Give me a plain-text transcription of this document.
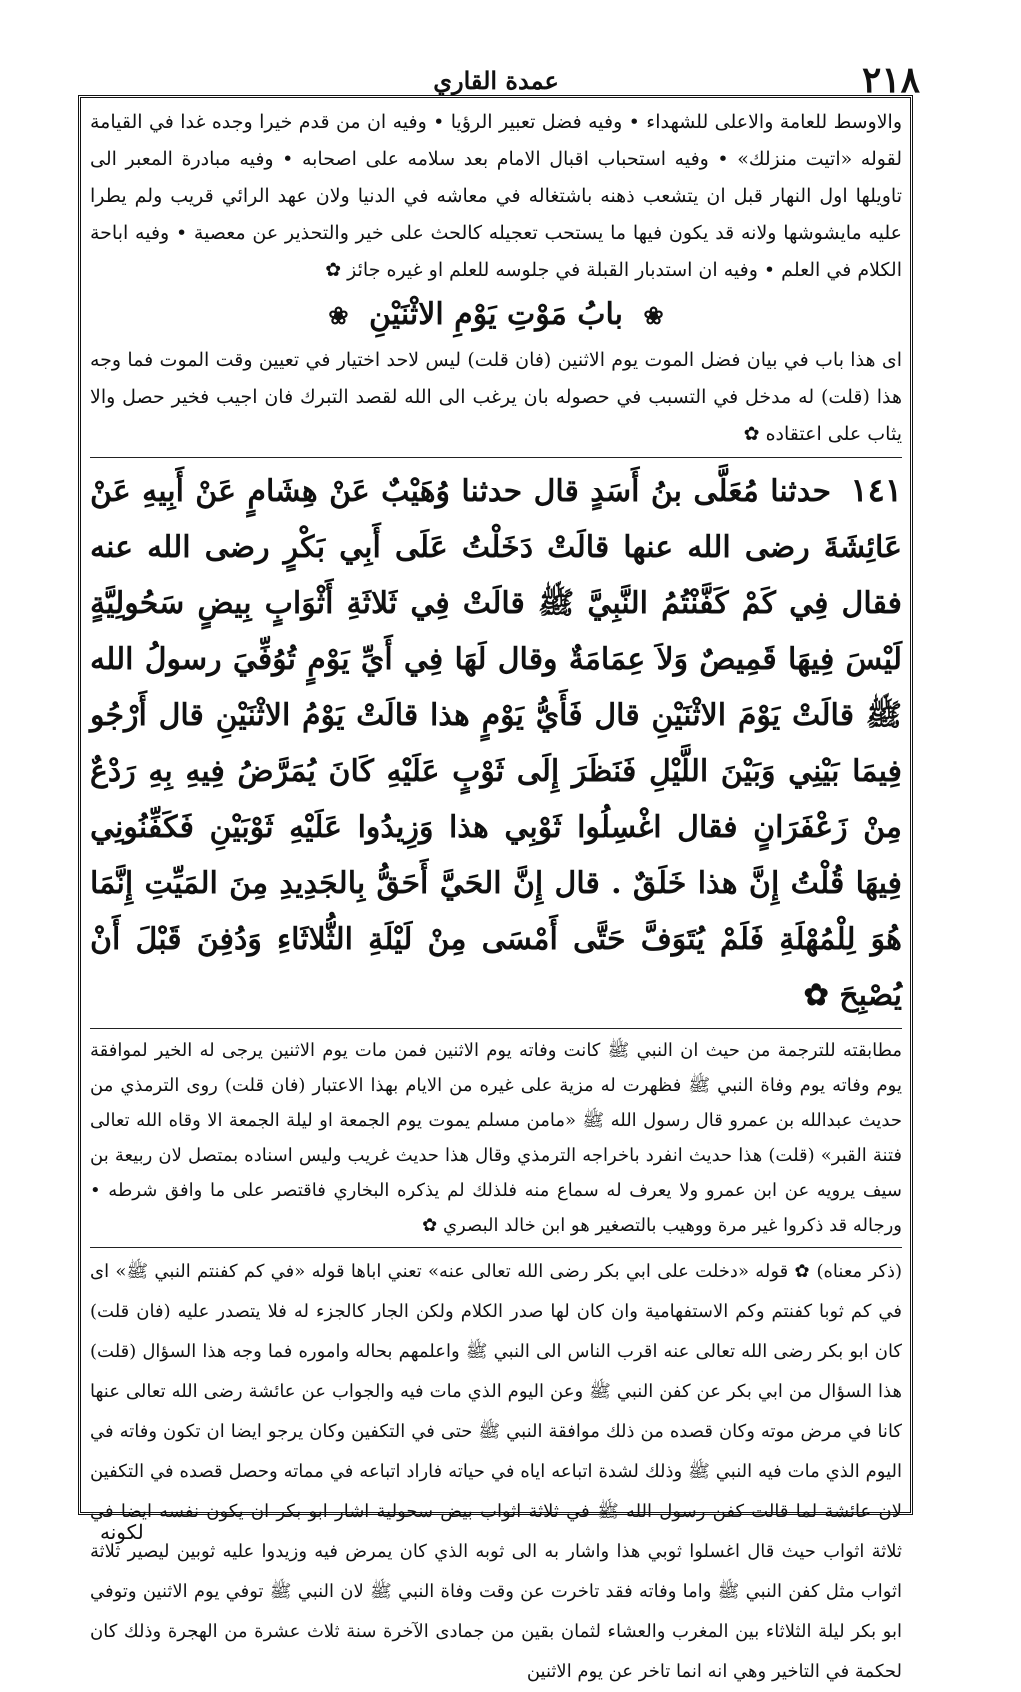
٢١٨
عمدة القاري

والاوسط للعامة والاعلى للشهداء • وفيه فضل تعبير الرؤيا • وفيه ان من قدم خيرا وجده غدا في القيامة لقوله «اتيت منزلك» • وفيه استحباب اقبال الامام بعد سلامه على اصحابه • وفيه مبادرة المعبر الى تاويلها اول النهار قبل ان يتشعب ذهنه باشتغاله في معاشه في الدنيا ولان عهد الرائي قريب ولم يطرا عليه مايشوشها ولانه قد يكون فيها ما يستحب تعجيله كالحث على خير والتحذير عن معصية • وفيه اباحة الكلام في العلم • وفيه ان استدبار القبلة في جلوسه للعلم او غيره جائز ✿

❀ بابُ مَوْتِ يَوْمِ الاثْنَيْنِ ❀

اى هذا باب في بيان فضل الموت يوم الاثنين (فان قلت) ليس لاحد اختيار في تعيين وقت الموت فما وجه هذا (قلت) له مدخل في التسبب في حصوله بان يرغب الى الله لقصد التبرك فان اجيب فخير حصل والا يثاب على اعتقاده ✿

١٤١ حدثنا مُعَلَّى بنُ أَسَدٍ قال حدثنا وُهَيْبٌ عَنْ هِشَامٍ عَنْ أَبِيهِ عَنْ عَائِشَةَ رضى الله عنها قالَتْ دَخَلْتُ عَلَى أَبِي بَكْرٍ رضى الله عنه فقال فِي كَمْ كَفَّنْتُمُ النَّبِيَّ ﷺ قالَتْ فِي ثَلاثَةِ أَثْوَابٍ بِيضٍ سَحُولِيَّةٍ لَيْسَ فِيهَا قَمِيصٌ وَلاَ عِمَامَةٌ وقال لَهَا فِي أَيِّ يَوْمٍ تُوُفِّيَ رسولُ الله ﷺ قالَتْ يَوْمَ الاثْنَيْنِ قال فَأَيُّ يَوْمٍ هذا قالَتْ يَوْمُ الاثْنَيْنِ قال أَرْجُو فِيمَا بَيْنِي وَبَيْنَ اللَّيْلِ فَنَظَرَ إِلَى ثَوْبٍ عَلَيْهِ كَانَ يُمَرَّضُ فِيهِ بِهِ رَدْعٌ مِنْ زَعْفَرَانٍ فقال اغْسِلُوا ثَوْبِي هذا وَزِيدُوا عَلَيْهِ ثَوْبَيْنِ فَكَفِّنُونِي فِيهَا قُلْتُ إِنَّ هذا خَلَقٌ . قال إِنَّ الحَيَّ أَحَقُّ بِالجَدِيدِ مِنَ المَيِّتِ إِنَّمَا هُوَ لِلْمُهْلَةِ فَلَمْ يُتَوَفَّ حَتَّى أَمْسَى مِنْ لَيْلَةِ الثُّلاثَاءِ وَدُفِنَ قَبْلَ أَنْ يُصْبِحَ ✿

مطابقته للترجمة من حيث ان النبي ﷺ كانت وفاته يوم الاثنين فمن مات يوم الاثنين يرجى له الخير لموافقة يوم وفاته يوم وفاة النبي ﷺ فظهرت له مزية على غيره من الايام بهذا الاعتبار (فان قلت) روى الترمذي من حديث عبدالله بن عمرو قال رسول الله ﷺ «مامن مسلم يموت يوم الجمعة او ليلة الجمعة الا وقاه الله تعالى فتنة القبر» (قلت) هذا حديث انفرد باخراجه الترمذي وقال هذا حديث غريب وليس اسناده بمتصل لان ربيعة بن سيف يرويه عن ابن عمرو ولا يعرف له سماع منه فلذلك لم يذكره البخاري فاقتصر على ما وافق شرطه • ورجاله قد ذكروا غير مرة ووهيب بالتصغير هو ابن خالد البصري ✿

(ذكر معناه) ✿ قوله «دخلت على ابي بكر رضى الله تعالى عنه» تعني اباها قوله «في كم كفنتم النبي ﷺ» اى في كم ثوبا كفنتم وكم الاستفهامية وان كان لها صدر الكلام ولكن الجار كالجزء له فلا يتصدر عليه (فان قلت) كان ابو بكر رضى الله تعالى عنه اقرب الناس الى النبي ﷺ واعلمهم بحاله واموره فما وجه هذا السؤال (قلت) هذا السؤال من ابي بكر عن كفن النبي ﷺ وعن اليوم الذي مات فيه والجواب عن عائشة رضى الله تعالى عنها كانا في مرض موته وكان قصده من ذلك موافقة النبي ﷺ حتى في التكفين وكان يرجو ايضا ان تكون وفاته في اليوم الذي مات فيه النبي ﷺ وذلك لشدة اتباعه اياه في حياته فاراد اتباعه في مماته وحصل قصده في التكفين لان عائشة لما قالت كفن رسول الله ﷺ في ثلاثة اثواب بيض سحولية اشار ابو بكر ان يكون نفسه ايضا في ثلاثة اثواب حيث قال اغسلوا ثوبي هذا واشار به الى ثوبه الذي كان يمرض فيه وزيدوا عليه ثوبين ليصير ثلاثة اثواب مثل كفن النبي ﷺ واما وفاته فقد تاخرت عن وقت وفاة النبي ﷺ لان النبي ﷺ توفي يوم الاثنين وتوفي ابو بكر ليلة الثلاثاء بين المغرب والعشاء لثمان بقين من جمادى الآخرة سنة ثلاث عشرة من الهجرة وذلك كان لحكمة في التاخير وهي انه انما تاخر عن يوم الاثنين

لكونه
